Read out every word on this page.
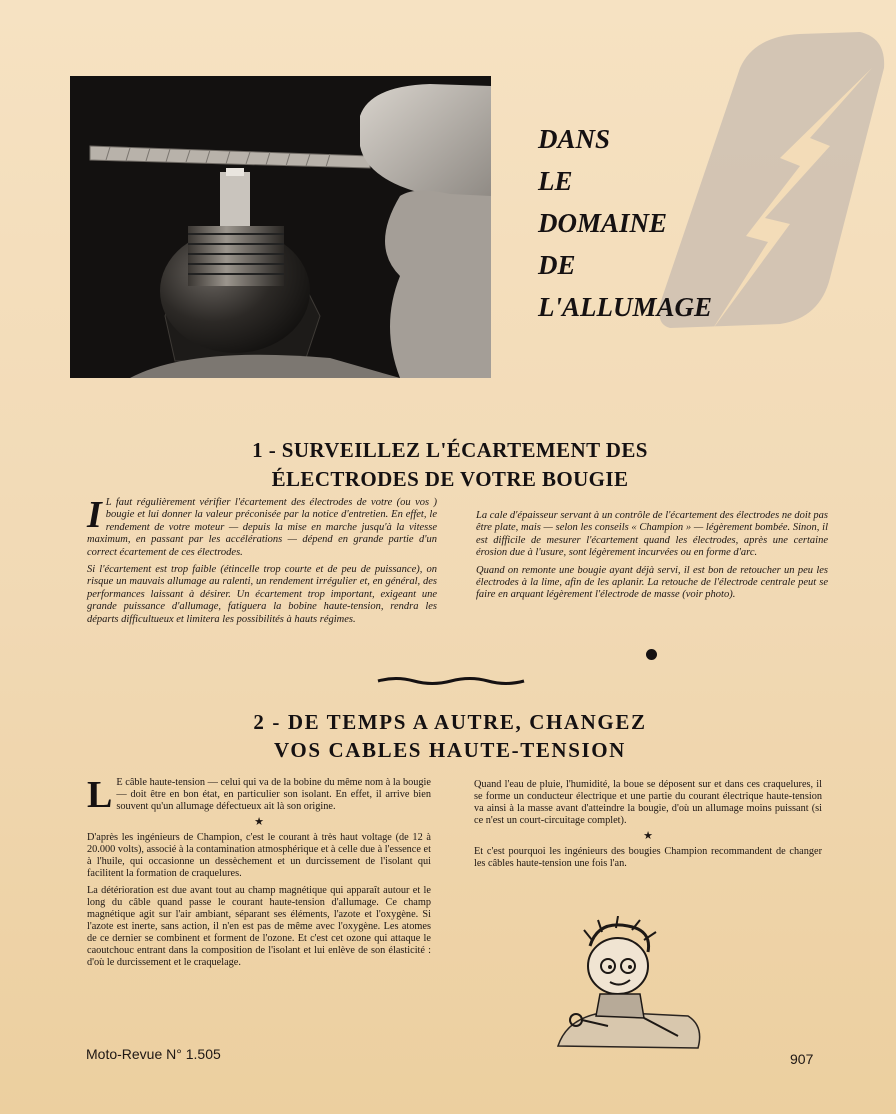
DANS
LE
DOMAINE
DE
L'ALLUMAGE
1 - SURVEILLEZ L'ÉCARTEMENT DES
ÉLECTRODES DE VOTRE BOUGIE

I L faut régulièrement vérifier l'écartement des électrodes de votre (ou vos ) bougie et lui donner la valeur préconisée par la notice d'entretien. En effet, le rendement de votre moteur — depuis la mise en marche jusqu'à la vitesse maximum, en passant par les accélérations — dépend en grande partie d'un correct écartement de ces électrodes.

Si l'écartement est trop faible (étincelle trop courte et de peu de puissance), on risque un mauvais allumage au ralenti, un rendement irrégulier et, en général, des performances laissant à désirer. Un écartement trop important, exigeant une grande puissance d'allumage, fatiguera la bobine haute-tension, rendra les départs difficultueux et limitera les possibilités à hauts régimes.

La cale d'épaisseur servant à un contrôle de l'écartement des électrodes ne doit pas être plate, mais — selon les conseils « Champion » — légèrement bombée. Sinon, il est difficile de mesurer l'écartement quand les électrodes, après une certaine érosion due à l'usure, sont légèrement incurvées ou en forme d'arc.

Quand on remonte une bougie ayant déjà servi, il est bon de retoucher un peu les électrodes à la lime, afin de les aplanir. La retouche de l'électrode centrale peut se faire en arquant légèrement l'électrode de masse (voir photo).

2 - DE TEMPS A AUTRE, CHANGEZ
VOS CABLES HAUTE-TENSION

L E câble haute-tension — celui qui va de la bobine du même nom à la bougie — doit être en bon état, en particulier son isolant. En effet, il arrive bien souvent qu'un allumage défectueux ait là son origine.

★

D'après les ingénieurs de Champion, c'est le courant à très haut voltage (de 12 à 20.000 volts), associé à la contamination atmosphérique et à celle due à l'essence et à l'huile, qui occasionne un dessèchement et un durcissement de l'isolant qui facilitent la formation de craquelures.

La détérioration est due avant tout au champ magnétique qui apparaît autour et le long du câble quand passe le courant haute-tension d'allumage. Ce champ magnétique agit sur l'air ambiant, séparant ses éléments, l'azote et l'oxygène. Si l'azote est inerte, sans action, il n'en est pas de même avec l'oxygène. Les atomes de ce dernier se combinent et forment de l'ozone. Et c'est cet ozone qui attaque le caoutchouc entrant dans la composition de l'isolant et lui enlève de son élasticité : d'où le durcissement et le craquelage.

Quand l'eau de pluie, l'humidité, la boue se déposent sur et dans ces craquelures, il se forme un conducteur électrique et une partie du courant électrique haute-tension va ainsi à la masse avant d'atteindre la bougie, d'où un allumage moins puissant (si ce n'est un court-circuitage complet).

★

Et c'est pourquoi les ingénieurs des bougies Champion recommandent de changer les câbles haute-tension une fois l'an.

Moto-Revue N° 1.505	907
